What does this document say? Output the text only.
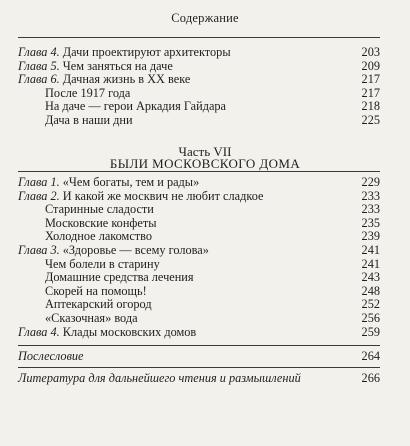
Содержание
Глава 4. Дачи проектируют архитекторы	203
Глава 5. Чем заняться на даче	209
Глава 6. Дачная жизнь в XX веке	217
После 1917 года	217
На даче — герои Аркадия Гайдара	218
Дача в наши дни	225
Часть VII
БЫЛИ МОСКОВСКОГО ДОМА
Глава 1. «Чем богаты, тем и рады»	229
Глава 2. И какой же москвич не любит сладкое	233
Старинные сладости	233
Московские конфеты	235
Холодное лакомство	239
Глава 3. «Здоровье — всему голова»	241
Чем болели в старину	241
Домашние средства лечения	243
Скорей на помощь!	248
Аптекарский огород	252
«Сказочная» вода	256
Глава 4. Клады московских домов	259
Послесловие	264
Литература для дальнейшего чтения и размышлений	266
